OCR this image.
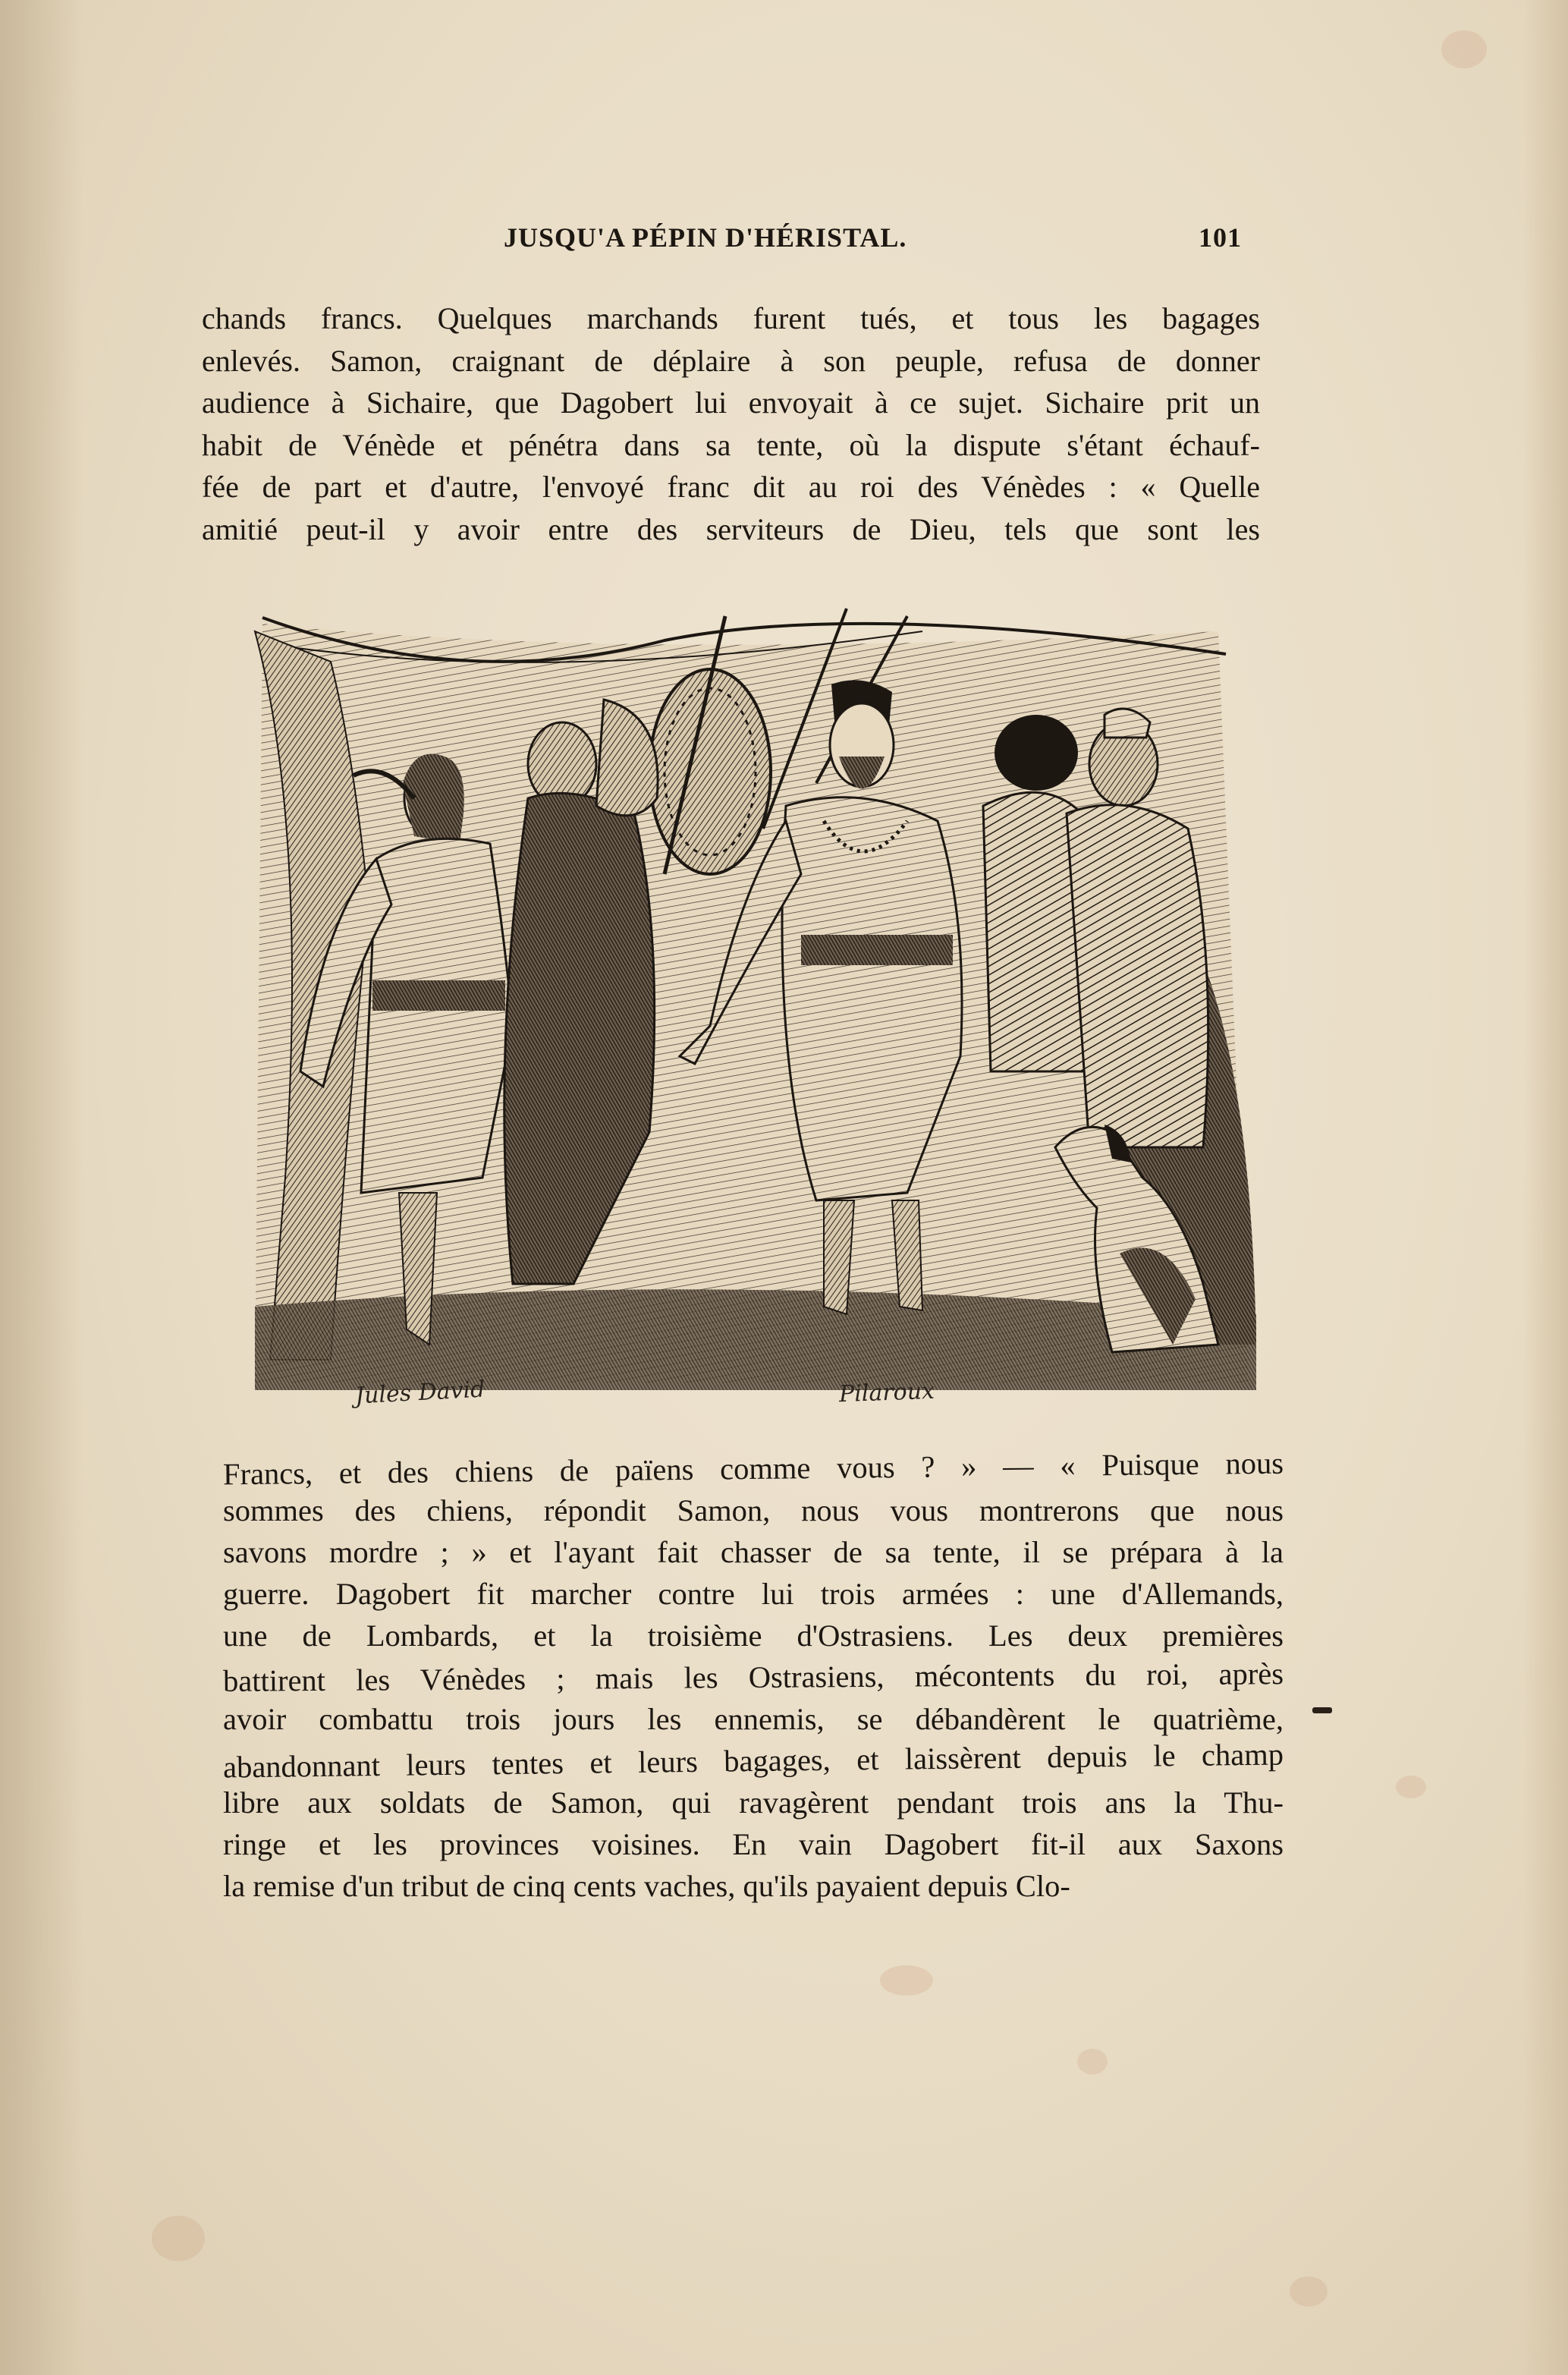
JUSQU'A PÉPIN D'HÉRISTAL.	101
chands francs. Quelques marchands furent tués, et tous les bagages
enlevés. Samon, craignant de déplaire à son peuple, refusa de donner
audience à Sichaire, que Dagobert lui envoyait à ce sujet. Sichaire prit un
habit de Vénède et pénétra dans sa tente, où la dispute s'étant échauf-
fée de part et d'autre, l'envoyé franc dit au roi des Vénèdes : « Quelle
amitié peut-il y avoir entre des serviteurs de Dieu, tels que sont les
Jules David	Pilaroux
Francs, et des chiens de païens comme vous ? » — « Puisque nous
sommes des chiens, répondit Samon, nous vous montrerons que nous
savons mordre ; » et l'ayant fait chasser de sa tente, il se prépara à la
guerre. Dagobert fit marcher contre lui trois armées : une d'Allemands,
une de Lombards, et la troisième d'Ostrasiens. Les deux premières
battirent les Vénèdes ; mais les Ostrasiens, mécontents du roi, après
avoir combattu trois jours les ennemis, se débandèrent le quatrième,
abandonnant leurs tentes et leurs bagages, et laissèrent depuis le champ
libre aux soldats de Samon, qui ravagèrent pendant trois ans la Thu-
ringe et les provinces voisines. En vain Dagobert fit-il aux Saxons
la remise d'un tribut de cinq cents vaches, qu'ils payaient depuis Clo-
